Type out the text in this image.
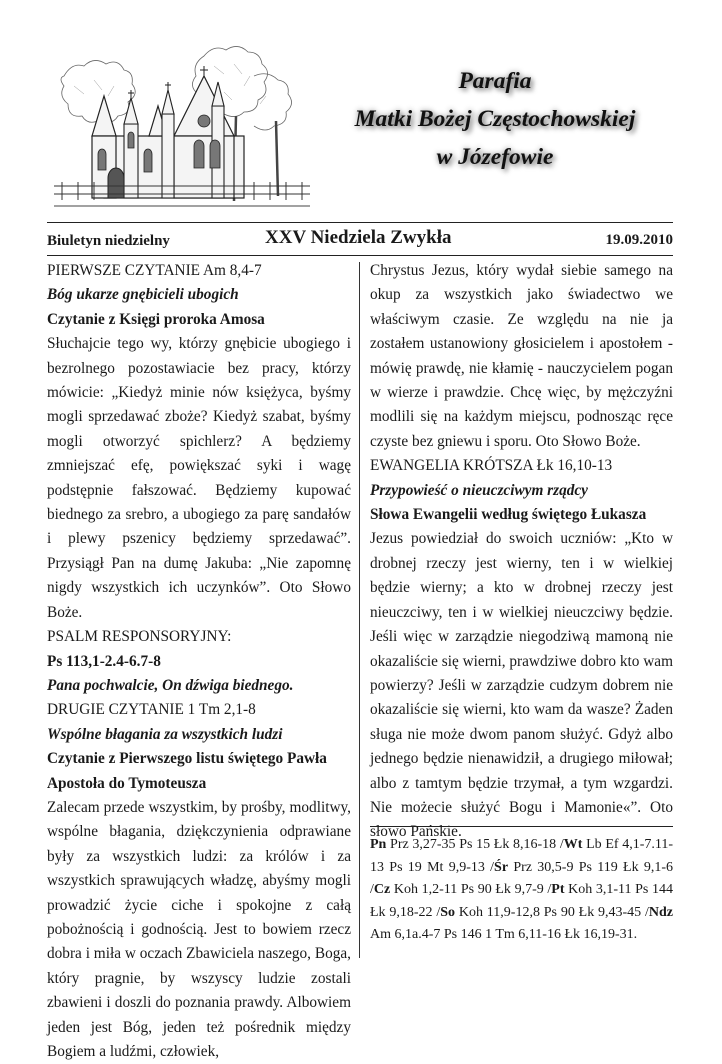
Parafia
Matki Bożej Częstochowskiej
w Józefowie
Biuletyn niedzielny	XXV Niedziela Zwykła	19.09.2010
PIERWSZE CZYTANIE Am 8,4-7
Bóg ukarze gnębicieli ubogich
Czytanie z Księgi proroka Amosa

Słuchajcie tego wy, którzy gnębicie ubogiego i bezrolnego pozostawiacie bez pracy, którzy mówicie: „Kiedyż minie nów księżyca, byśmy mogli sprzedawać zboże? Kiedyż szabat, byśmy mogli otworzyć spichlerz? A będziemy zmniejszać efę, powiększać syki i wagę podstępnie fałszować. Będziemy kupować biednego za srebro, a ubogiego za parę sandałów i plewy pszenicy będziemy sprzedawać”. Przysiągł Pan na dumę Jakuba: „Nie zapomnę nigdy wszystkich ich uczynków”. Oto Słowo Boże.

PSALM RESPONSORYJNY:
Ps 113,1-2.4-6.7-8
Pana pochwalcie, On dźwiga biednego.
DRUGIE CZYTANIE 1 Tm 2,1-8
Wspólne błagania za wszystkich ludzi

Czytanie z Pierwszego listu świętego Pawła Apostoła do Tymoteusza

Zalecam przede wszystkim, by prośby, modlitwy, wspólne błagania, dziękczynienia odprawiane były za wszystkich ludzi: za królów i za wszystkich sprawujących władzę, abyśmy mogli prowadzić życie ciche i spokojne z całą pobożnością i godnością. Jest to bowiem rzecz dobra i miła w oczach Zbawiciela naszego, Boga, który pragnie, by wszyscy ludzie zostali zbawieni i doszli do poznania prawdy. Albowiem jeden jest Bóg, jeden też pośrednik między Bogiem a ludźmi, człowiek,

Chrystus Jezus, który wydał siebie samego na okup za wszystkich jako świadectwo we właściwym czasie. Ze względu na nie ja zostałem ustanowiony głosicielem i apostołem - mówię prawdę, nie kłamię - nauczycielem pogan w wierze i prawdzie. Chcę więc, by mężczyźni modlili się na każdym miejscu, podnosząc ręce czyste bez gniewu i sporu. Oto Słowo Boże.

EWANGELIA KRÓTSZA Łk 16,10-13
Przypowieść o nieuczciwym rządcy
Słowa Ewangelii według świętego Łukasza

Jezus powiedział do swoich uczniów: „Kto w drobnej rzeczy jest wierny, ten i w wielkiej będzie wierny; a kto w drobnej rzeczy jest nieuczciwy, ten i w wielkiej nieuczciwy będzie. Jeśli więc w zarządzie niegodziwą mamoną nie okazaliście się wierni, prawdziwe dobro kto wam powierzy? Jeśli w zarządzie cudzym dobrem nie okazaliście się wierni, kto wam da wasze? Żaden sługa nie może dwom panom służyć. Gdyż albo jednego będzie nienawidził, a drugiego miłował; albo z tamtym będzie trzymał, a tym wzgardzi. Nie możecie służyć Bogu i Mamonie«”. Oto słowo Pańskie.

Pn Prz 3,27-35 Ps 15 Łk 8,16-18 /Wt Lb Ef 4,1-7.11-13 Ps 19 Mt 9,9-13 /Śr Prz 30,5-9 Ps 119 Łk 9,1-6 /Cz Koh 1,2-11 Ps 90 Łk 9,7-9 /Pt Koh 3,1-11 Ps 144 Łk 9,18-22 /So Koh 11,9-12,8 Ps 90 Łk 9,43-45 /Ndz Am 6,1a.4-7 Ps 146 1 Tm 6,11-16 Łk 16,19-31.
